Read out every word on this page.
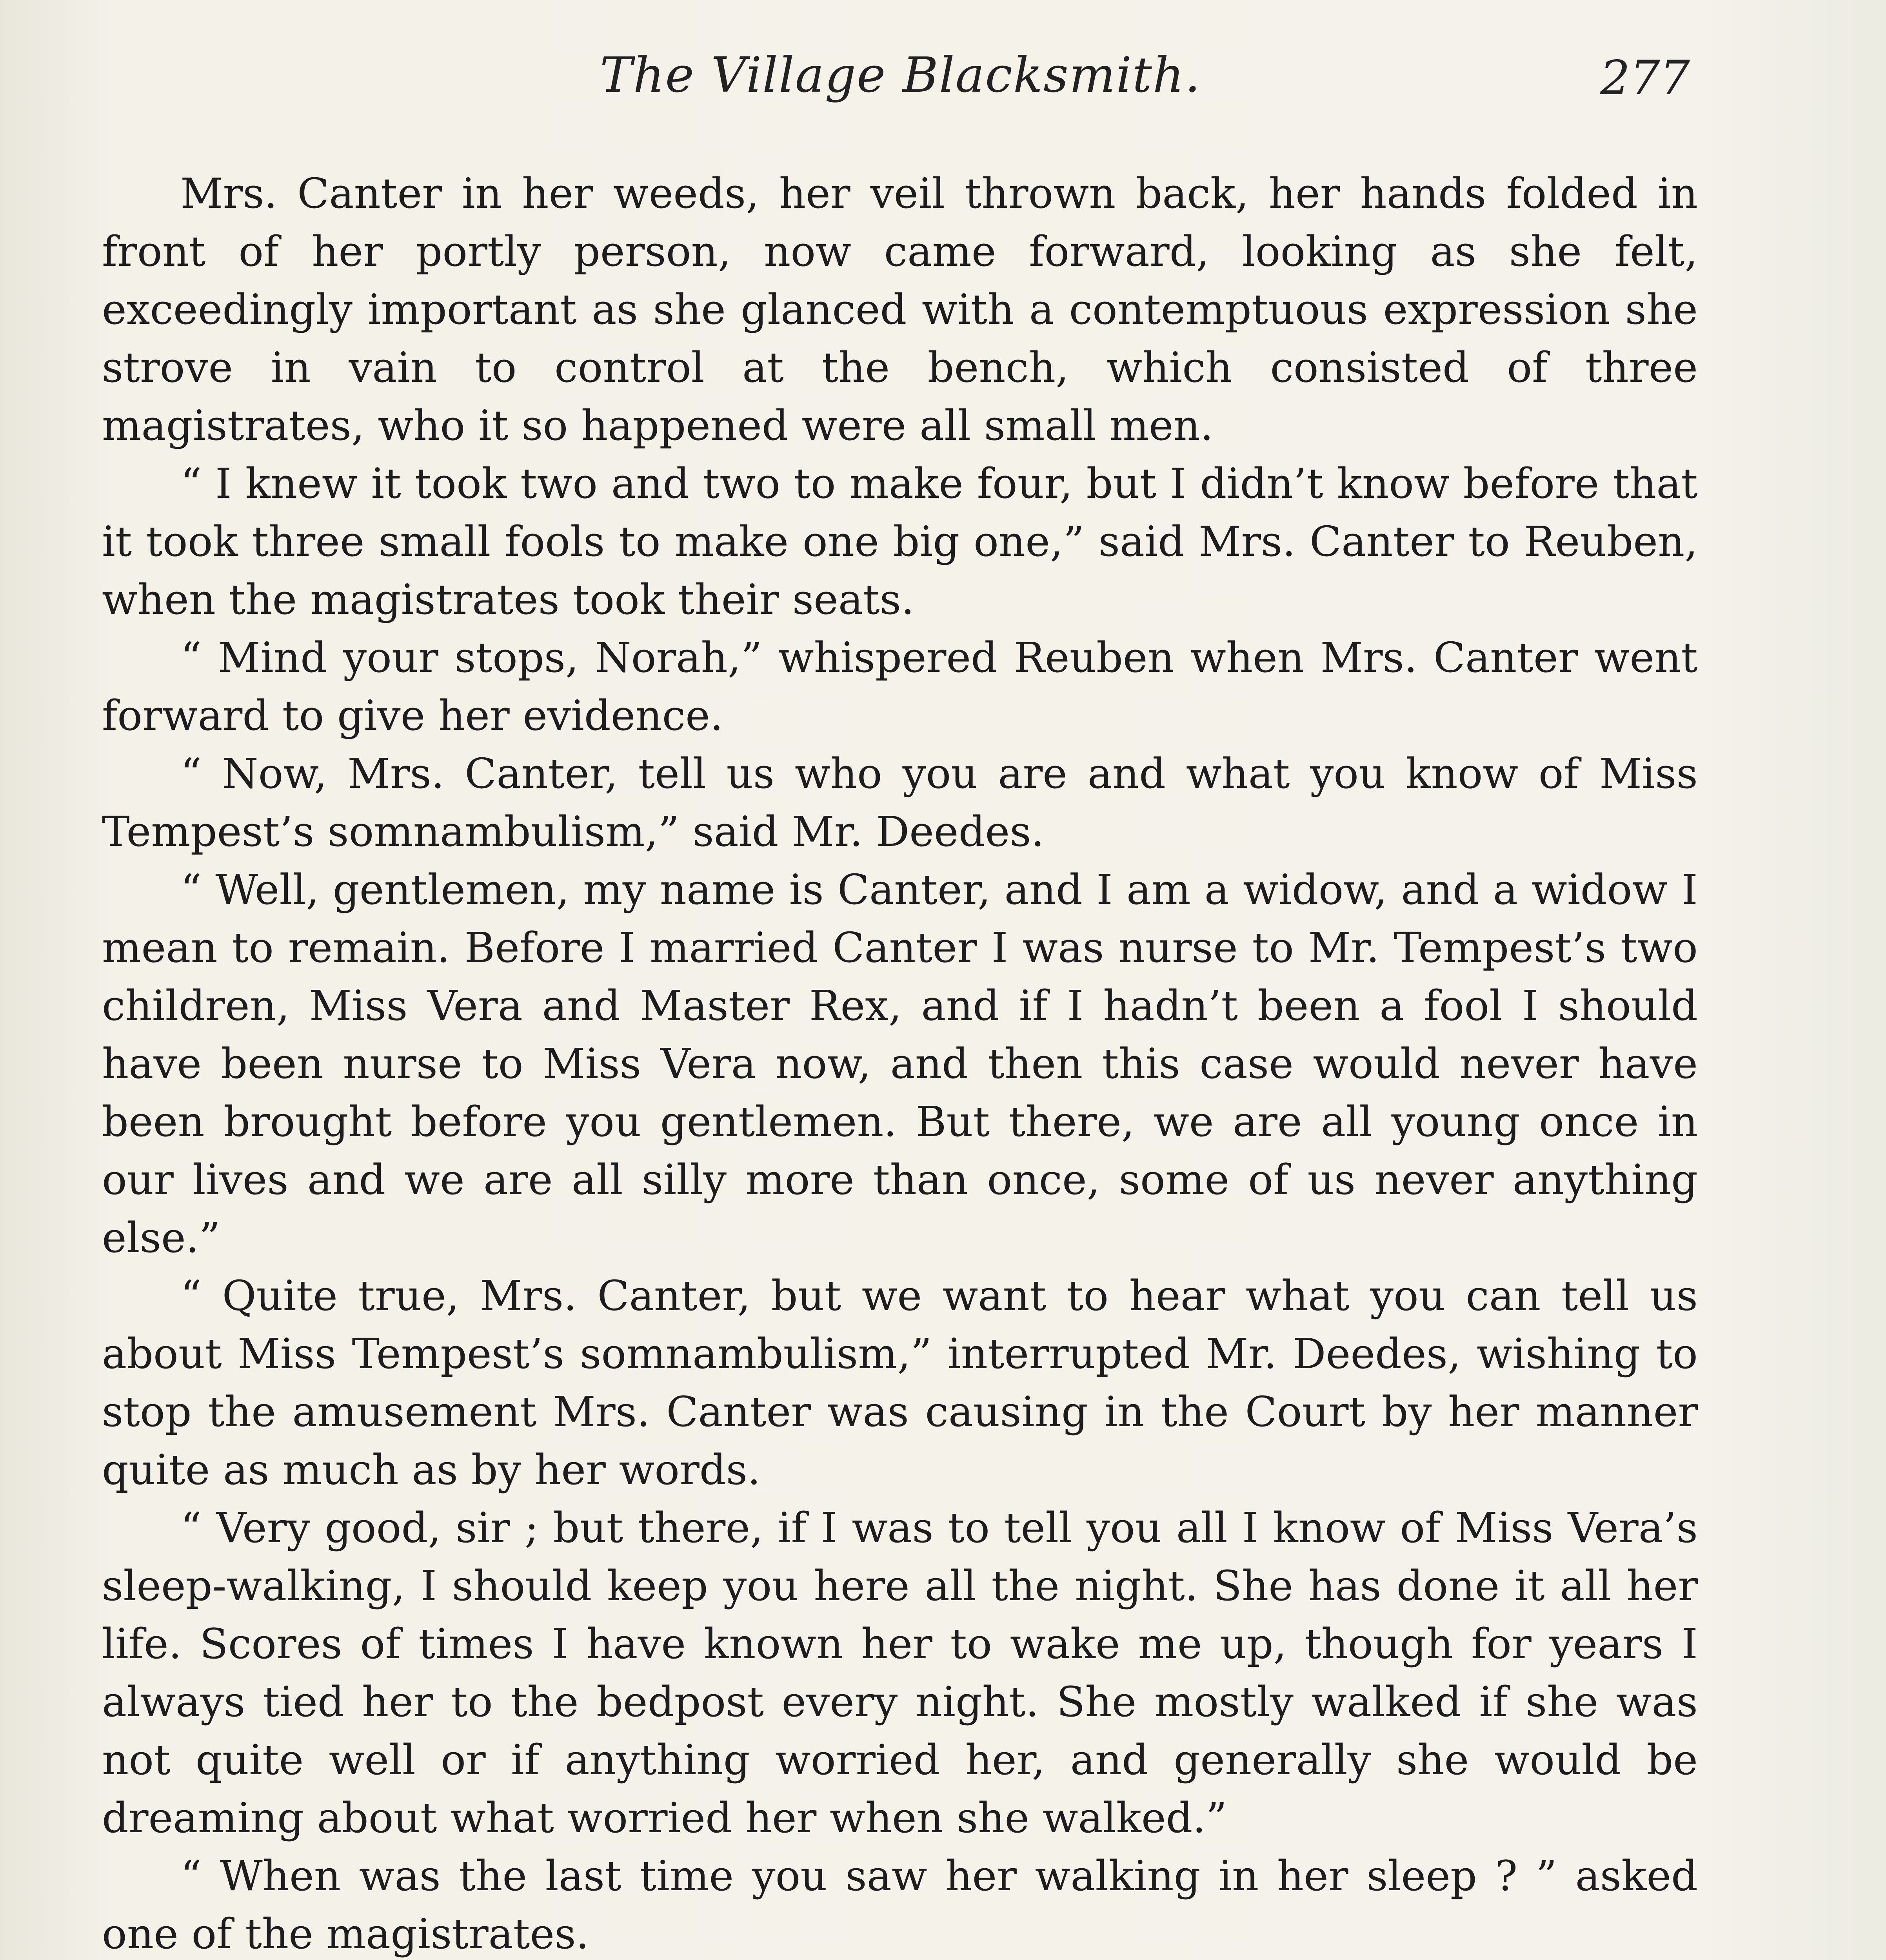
The Village Blacksmith.	277

Mrs. Canter in her weeds, her veil thrown back, her hands folded in front of her portly person, now came forward, looking as she felt, exceedingly important as she glanced with a contemptuous expression she strove in vain to control at the bench, which consisted of three magistrates, who it so happened were all small men.

“ I knew it took two and two to make four, but I didn’t know before that it took three small fools to make one big one,” said Mrs. Canter to Reuben, when the magistrates took their seats.

“ Mind your stops, Norah,” whispered Reuben when Mrs. Canter went forward to give her evidence.

“ Now, Mrs. Canter, tell us who you are and what you know of Miss Tempest’s somnambulism,” said Mr. Deedes.

“ Well, gentlemen, my name is Canter, and I am a widow, and a widow I mean to remain. Before I married Canter I was nurse to Mr. Tempest’s two children, Miss Vera and Master Rex, and if I hadn’t been a fool I should have been nurse to Miss Vera now, and then this case would never have been brought before you gentlemen. But there, we are all young once in our lives and we are all silly more than once, some of us never anything else.”

“ Quite true, Mrs. Canter, but we want to hear what you can tell us about Miss Tempest’s somnambulism,” interrupted Mr. Deedes, wishing to stop the amusement Mrs. Canter was causing in the Court by her manner quite as much as by her words.

“ Very good, sir ; but there, if I was to tell you all I know of Miss Vera’s sleep-walking, I should keep you here all the night. She has done it all her life. Scores of times I have known her to wake me up, though for years I always tied her to the bedpost every night. She mostly walked if she was not quite well or if anything worried her, and generally she would be dreaming about what worried her when she walked.”

“ When was the last time you saw her walking in her sleep ? ” asked one of the magistrates.
